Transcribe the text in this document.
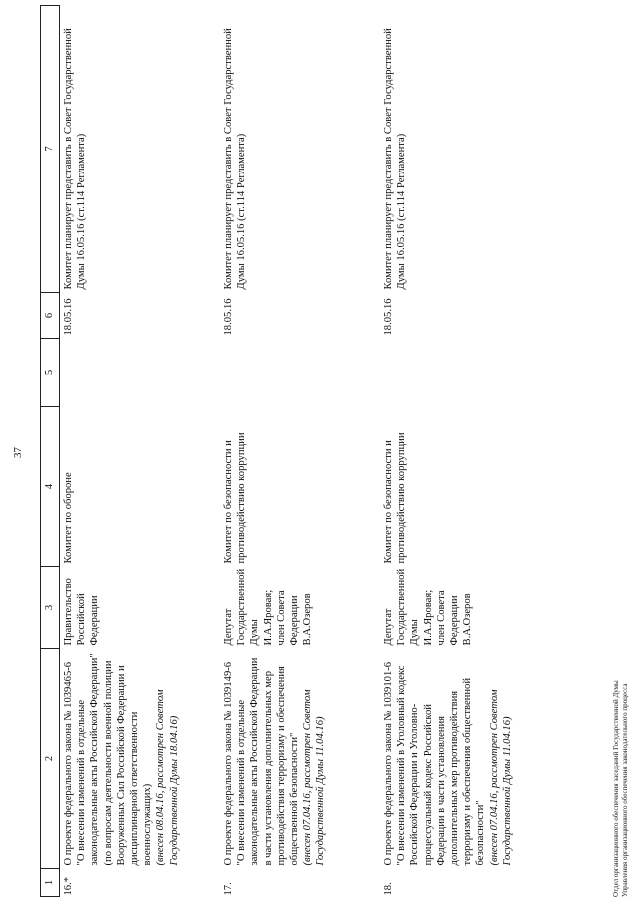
37
1	2	3	4	5	6	7
16.*	О проекте федерального закона № 1039465-6 "О внесении изменений в отдельные законодательные акты Российской Федерации" (по вопросам деятельности военной полиции Вооруженных Сил Российской Федерации и дисциплинарной ответственности военнослужащих) (внесен 08.04.16, рассмотрен Советом Государственной Думы 18.04.16)	Правительство Российской Федерации	Комитет по обороне		18.05.16	Комитет планирует представить в Совет Государственной Думы 16.05.16 (ст.114 Регламента)
17.	О проекте федерального закона № 1039149-6 "О внесении изменений в отдельные законодательные акты Российской Федерации в части установления дополнительных мер противодействия терроризму и обеспечения общественной безопасности" (внесен 07.04.16, рассмотрен Советом Государственной Думы 11.04.16)	Депутат Государственной Думы И.А.Яровая; член Совета Федерации В.А.Озеров	Комитет по безопасности и противодействию коррупции		18.05.16	Комитет планирует представить в Совет Государственной Думы 16.05.16 (ст.114 Регламента)
18.	О проекте федерального закона № 1039101-6 "О внесении изменений в Уголовный кодекс Российской Федерации и Уголовно-процессуальный кодекс Российской Федерации в части установления дополнительных мер противодействия терроризму и обеспечения общественной безопасности" (внесен 07.04.16, рассмотрен Советом Государственной Думы 11.04.16)	Депутат Государственной Думы И.А.Яровая; член Совета Федерации В.А.Озеров	Комитет по безопасности и противодействию коррупции		18.05.16	Комитет планирует представить в Совет Государственной Думы 16.05.16 (ст.114 Регламента)
Отдел организационного обеспечения заседаний Государственной Думы Управления организационного обеспечения законодательного процесса
